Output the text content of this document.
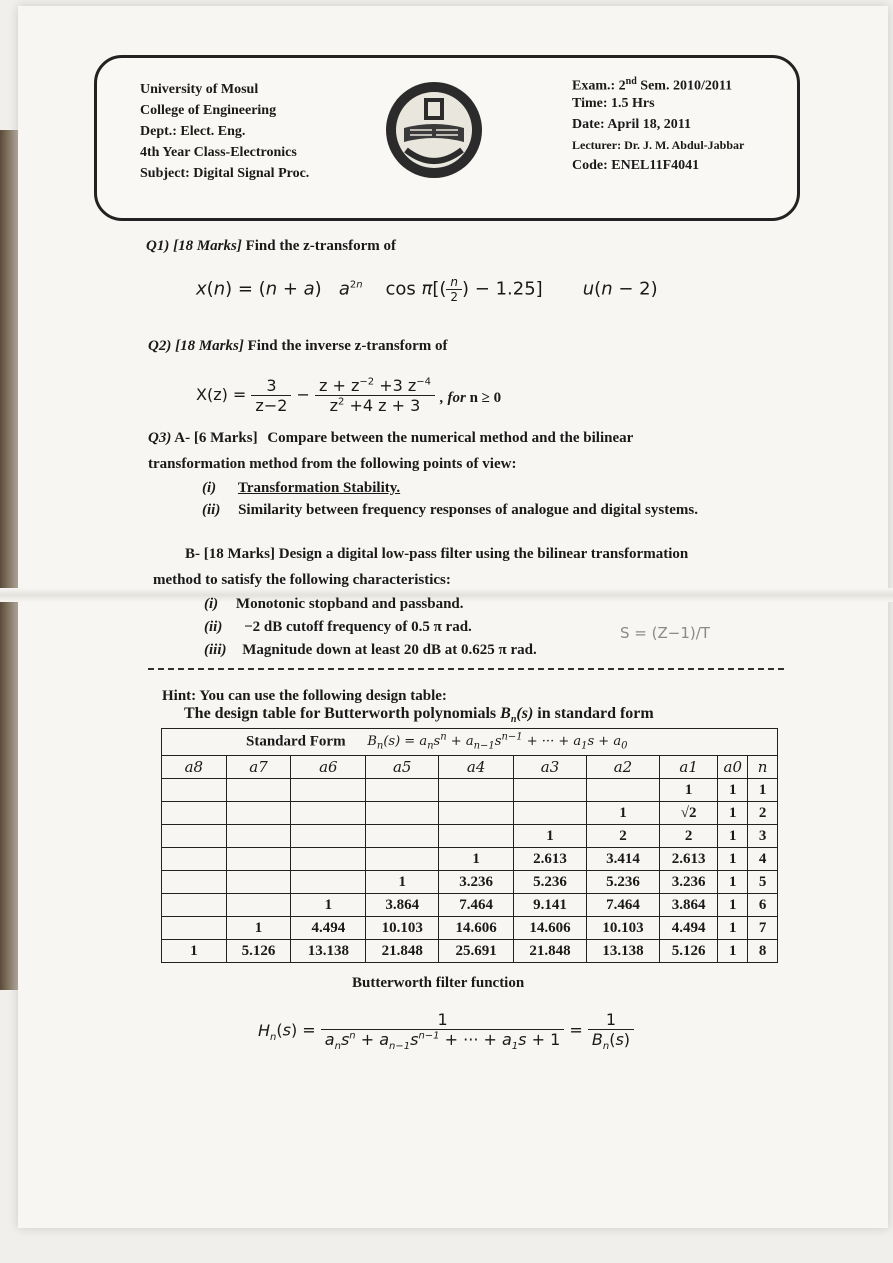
University of Mosul
College of Engineering
Dept.: Elect. Eng.
4th Year Class-Electronics
Subject: Digital Signal Proc.
Exam.: 2nd Sem. 2010/2011
Time: 1.5 Hrs
Date: April 18, 2011
Lecturer: Dr. J. M. Abdul-Jabbar
Code: ENEL11F4041
Q1) [18 Marks] Find the z-transform of
x(n) = (n + a)   $a^{2n}$    $\cos \pi[( \frac{n}{2}$ ) − 1.25]       u(n − 2)
Q2) [18 Marks] Find the inverse z-transform of
$X(z) = \frac{3}{z-2} - \frac{z + z^{-2} +3 z^{-4}}{z^2 +4 z + 3}$ , for n ≥ 0
Q3) A- [6 Marks] Compare between the numerical method and the bilinear
transformation method from the following points of view:
(i) Transformation Stability.
(ii) Similarity between frequency responses of analogue and digital systems.
B- [18 Marks] Design a digital low-pass filter using the bilinear transformation
method to satisfy the following characteristics:
(i) Monotonic stopband and passband.
(ii) −2 dB cutoff frequency of 0.5 π rad.
(iii) Magnitude down at least 20 dB at 0.625 π rad.
S = (Z−1)/T
Hint: You can use the following design table:
The design table for Butterworth polynomials $B_n(s)$ in standard form
Standard Form $B_n(s) = a_ns^n + a_{n-1}s^{n-1}$ + ··· + $a_1s + a_0$
a8	a7	a6	a5	a4	a3	a2	a1	a0	n
							1	1	1
						1	√2	1	2
					1	2	2	1	3
				1	2.613	3.414	2.613	1	4
			1	3.236	5.236	5.236	3.236	1	5
		1	3.864	7.464	9.141	7.464	3.864	1	6
	1	4.494	10.103	14.606	14.606	10.103	4.494	1	7
1	5.126	13.138	21.848	25.691	21.848	13.138	5.126	1	8
Butterworth filter function
$H_n(s) = \frac{1}{a_ns^n + a_{n-1}s^{n-1} + \cdot\cdot\cdot + a_1s + 1} = \frac{1}{B_n(s)}$
